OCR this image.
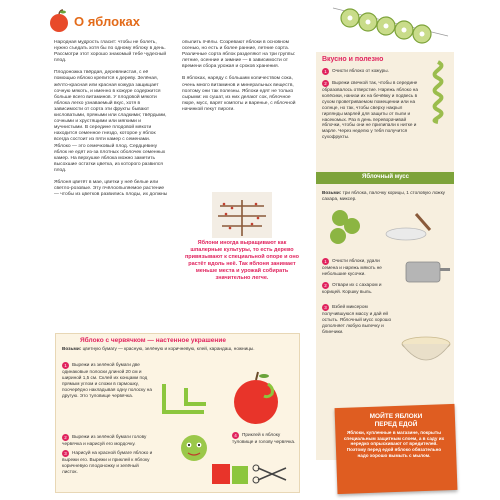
О яблоках

Народная мудрость гласит: чтобы не болеть, нужно съедать хотя бы по одному яблоку в день. Рассмотри этот хорошо знакомый тебе чудесный плод.

Плодоножка твёрдая, деревянистая, с её помощью яблоко крепится к дереву. Зелёная, жёлто-красная или красная кожура защищает сочную мякоть, и именно в кожуре содержится больше всего витаминов. У плодовой мякоти яблока легко узнаваемый вкус, хотя в зависимости от сорта эти фрукты бывают кисловатыми, пряными или сладкими; твёрдыми, сочными и хрустящими или мягкими и мучнистыми. В середине плодовой мякоти находится семенное гнездо, которое у яблок всегда состоит из пяти камер с семенами. Яблоко — это семечковый плод. Сердцевину яблок не едят из-за плотных оболочек семенных камер. На верхушке яблока можно заметить высохшие остатки цветка, из которого развился плод.

Яблоня цветёт в мае, цветки у неё белые или светло-розовые. Эту пчёлоопыляемое растение — чтобы из цветков развились плоды, их должны

опылить пчёлы. Созревают яблоки в основном осенью, но есть и более ранние, летние сорта. Различные сорта яблок разделяют на три группы: летние, осенние и зимние — в зависимости от времени сбора урожая и сроков хранения.

В яблоках, наряду с большим количеством сока, очень много витаминов и минеральных веществ, поэтому они так полезны. Яблоки едят не только сырыми: их сушат, из них делают сок, яблочное пюре, мусс, варят компоты и варенье, с яблочной начинкой пекут пироги.

Яблони иногда выращивают как шпалерные культуры, то есть дерево привязывают к специальной опоре и оно растёт вдоль неё. Так яблоня занимает меньше места и урожай собирать значительно легче.
Вкусно и полезно
1 Очисти яблоко от кожуры.
2 Вырежи свечкой так, чтобы в середине образовалось отверстие. Нарежь яблоко на колёсики, нанизи их на бечёвку и подвесь в сухом проветриваемом помещении или на солнце, но так, чтобы сверху накрыл гирлянды марлей для защиты от пыли и насекомых. Раз в день переворачивай яблочки, чтобы они не прилипали к нитке и марле. Через неделю у тебя получится сухофрукты.
Яблочный мусс
Возьми: три яблока, палочку корицы, 1 столовую ложку сахара, миксер.
1 Очисти яблоки, удали семена и нарежь мякоть не небольшие кусочки.
2 Отвари их с сахаром и корицей. Коршку выль.
3 Взбей миксером получившуюся массу и дай ей остыть. Яблочный мусс хорошо дополняет любую выпечку и блинчики.
Яблоко с червячком — настенное украшение
Возьми: цветную бумагу — красную, зелёную и коричневую, клей, карандаш, ножницы.
1 Вырежи из зелёной бумаги две одинаковые полоски длиной 20 см и шириной 1,5 см. Склей их концами под прямым углом и сложи в гармошку, поочерёдно накладывая одну полоску на другую. Это туловище червячка.
2 Вырежи из зелёной бумаги голову червячка и нарисуй его мордочку.
3 Нарисуй на красной бумаге яблоко и вырежи его. Вырежи и приклей к яблоку коричневую плодоножку и зелёный листок.
4 Приклей к яблоку туловище и голову червячка.
МОЙТЕ ЯБЛОКИ ПЕРЕД ЕДОЙ
Яблоки, купленные в магазине, покрыты специальным защитным слоем, а в саду их нередко опрыскивают от вредителей. Поэтому перед едой яблоко обязательно надо хорошо вымыть с мылом.
